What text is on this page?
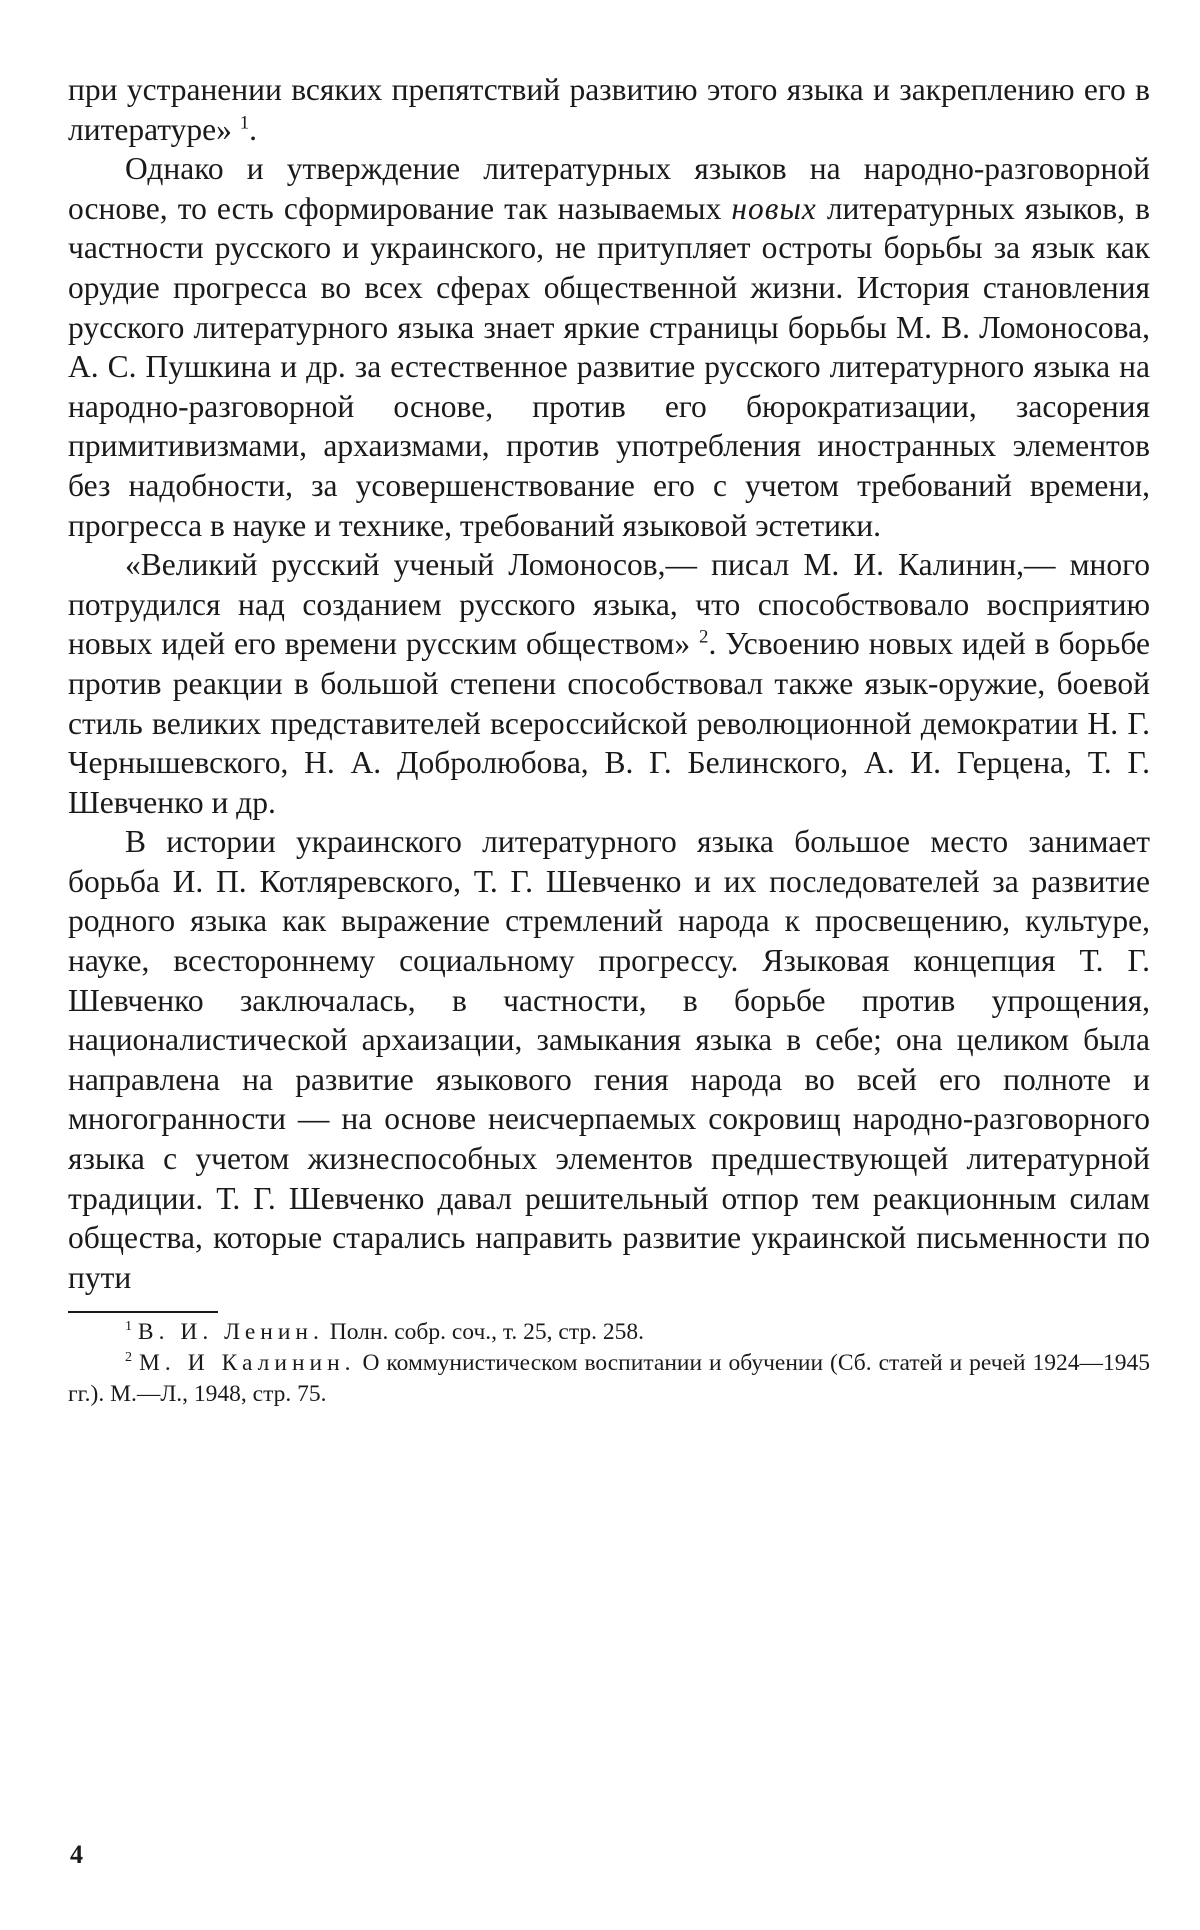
при устранении всяких препятствий развитию этого языка и закреплению его в литературе» $^1$.

Однако и утверждение литературных языков на народно-разговорной основе, то есть сформирование так называемых новых литературных языков, в частности русского и украинского, не притупляет остроты борьбы за язык как орудие прогресса во всех сферах общественной жизни. История становления русского литературного языка знает яркие страницы борьбы М. В. Ломоносова, А. С. Пушкина и др. за естественное развитие русского литературного языка на народно-разговорной основе, против его бюрократизации, засорения примитивизмами, архаизмами, против употребления иностранных элементов без надобности, за усовершенствование его с учетом требований времени, прогресса в науке и технике, требований языковой эстетики.

«Великий русский ученый Ломоносов,— писал М. И. Калинин,— много потрудился над созданием русского языка, что способствовало восприятию новых идей его времени русским обществом» $^2$. Усвоению новых идей в борьбе против реакции в большой степени способствовал также язык-оружие, боевой стиль великих представителей всероссийской революционной демократии Н. Г. Чернышевского, Н. А. Добролюбова, В. Г. Белинского, А. И. Герцена, Т. Г. Шевченко и др.

В истории украинского литературного языка большое место занимает борьба И. П. Котляревского, Т. Г. Шевченко и их последователей за развитие родного языка как выражение стремлений народа к просвещению, культуре, науке, всестороннему социальному прогрессу. Языковая концепция Т. Г. Шевченко заключалась, в частности, в борьбе против упрощения, националистической архаизации, замыкания языка в себе; она целиком была направлена на развитие языкового гения народа во всей его полноте и многогранности — на основе неисчерпаемых сокровищ народно-разговорного языка с учетом жизнеспособных элементов предшествующей литературной традиции. Т. Г. Шевченко давал решительный отпор тем реакционным силам общества, которые старались направить развитие украинской письменности по пути

$^1$ В. И. Ленин. Полн. собр. соч., т. 25, стр. 258.

$^2$ М. И Калинин. О коммунистическом воспитании и обучении (Сб. статей и речей 1924—1945 гг.). М.—Л., 1948, стр. 75.

4
